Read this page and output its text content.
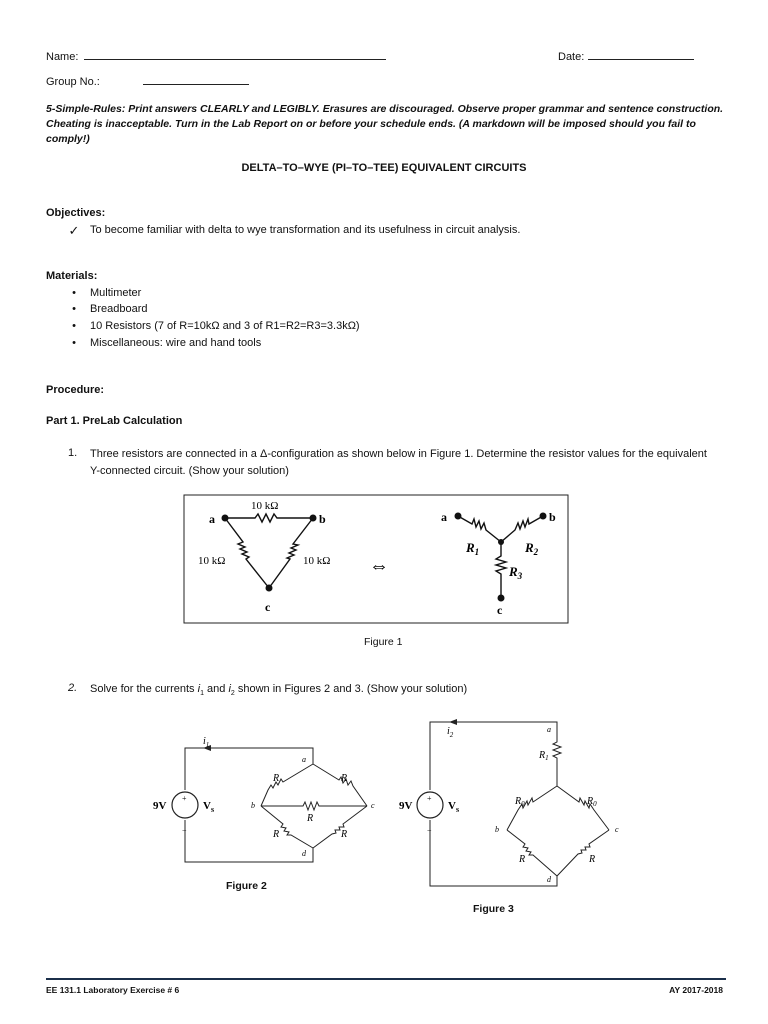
Name:	Date:
Group No.:
5-Simple-Rules: Print answers CLEARLY and LEGIBLY. Erasures are discouraged. Observe proper grammar and sentence construction. Cheating is inacceptable. Turn in the Lab Report on or before your schedule ends. (A markdown will be imposed should you fail to comply!)
DELTA–TO–WYE (PI–TO–TEE) EQUIVALENT CIRCUITS
Objectives:
✓ To become familiar with delta to wye transformation and its usefulness in circuit analysis.
Materials:
•	Multimeter
•	Breadboard
•	10 Resistors (7 of R=10kΩ and 3 of R1=R2=R3=3.3kΩ)
•	Miscellaneous: wire and hand tools
Procedure:
Part 1. PreLab Calculation
1. Three resistors are connected in a Δ-configuration as shown below in Figure 1. Determine the resistor values for the equivalent Y-connected circuit. (Show your solution)
a	b
c
10 kΩ
10 kΩ	10 kΩ ⇔
a	b
c
$R_1$	$R_2$
$R_3$
Figure 1
2. Solve for the currents $i_1$ and $i_2$ shown in Figures 2 and 3. (Show your solution)
+
−
9V	$V_s$
$i_1$
a
b	c
d
R	R
R
R	R
Figure 2
+
−
9V	$V_s$
$i_2$
a
b	c
d
$R_1$
$R_0$	$R_0$
R	R
Figure 3
EE 131.1 Laboratory Exercise # 6	AY 2017-2018
